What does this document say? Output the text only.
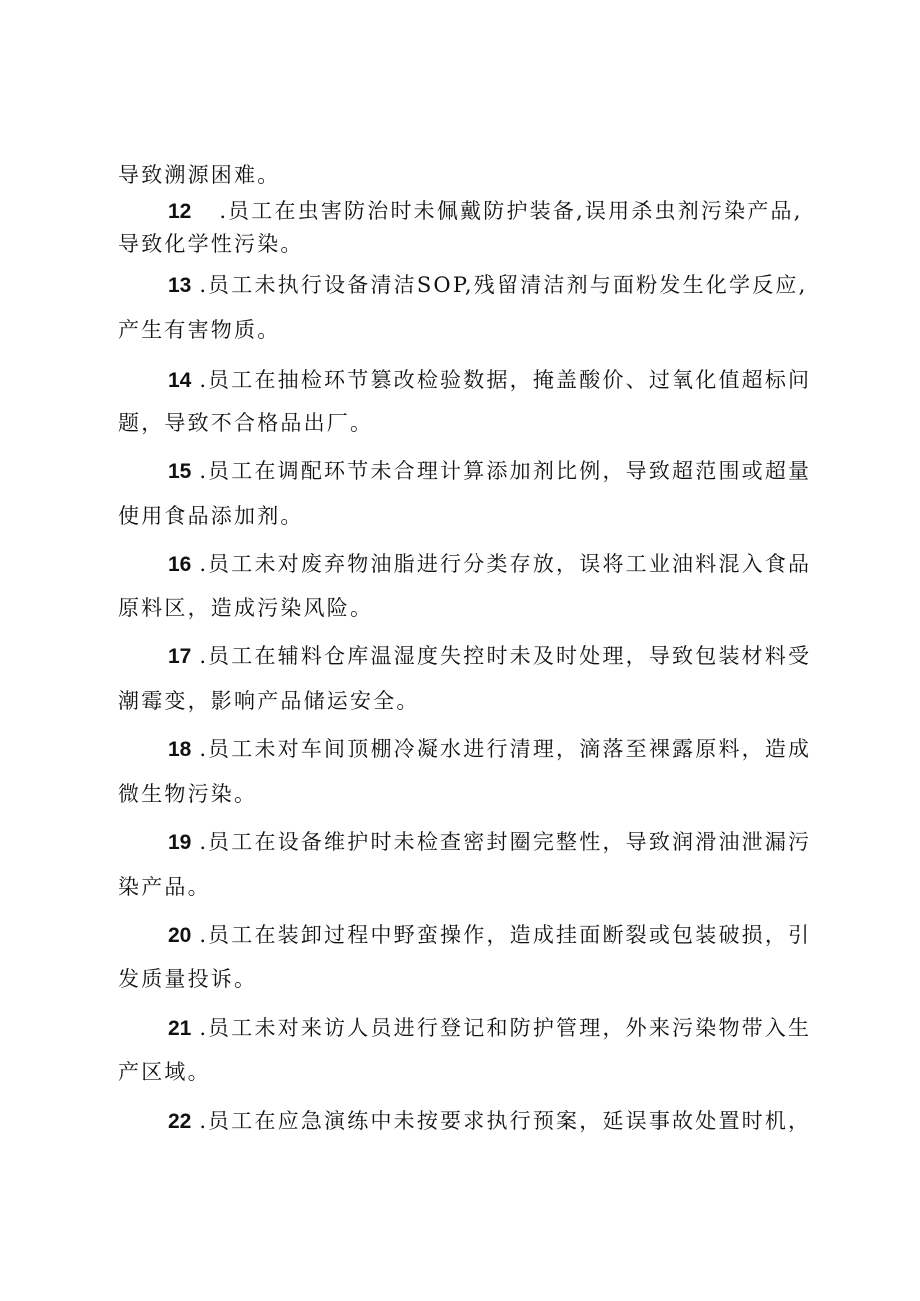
导致溯源困难。
12 .员工在虫害防治时未佩戴防护装备,误用杀虫剂污染产品,
导致化学性污染。
13 .员工未执行设备清洁SOP,残留清洁剂与面粉发生化学反应,
产生有害物质。
14 .员工在抽检环节篡改检验数据，掩盖酸价、过氧化值超标问
题，导致不合格品出厂。
15 .员工在调配环节未合理计算添加剂比例，导致超范围或超量
使用食品添加剂。
16 .员工未对废弃物油脂进行分类存放，误将工业油料混入食品
原料区，造成污染风险。
17 .员工在辅料仓库温湿度失控时未及时处理，导致包装材料受
潮霉变，影响产品储运安全。
18 .员工未对车间顶棚冷凝水进行清理，滴落至裸露原料，造成
微生物污染。
19 .员工在设备维护时未检查密封圈完整性，导致润滑油泄漏污
染产品。
20 .员工在装卸过程中野蛮操作，造成挂面断裂或包装破损，引
发质量投诉。
21 .员工未对来访人员进行登记和防护管理，外来污染物带入生
产区域。
22 .员工在应急演练中未按要求执行预案，延误事故处置时机，
